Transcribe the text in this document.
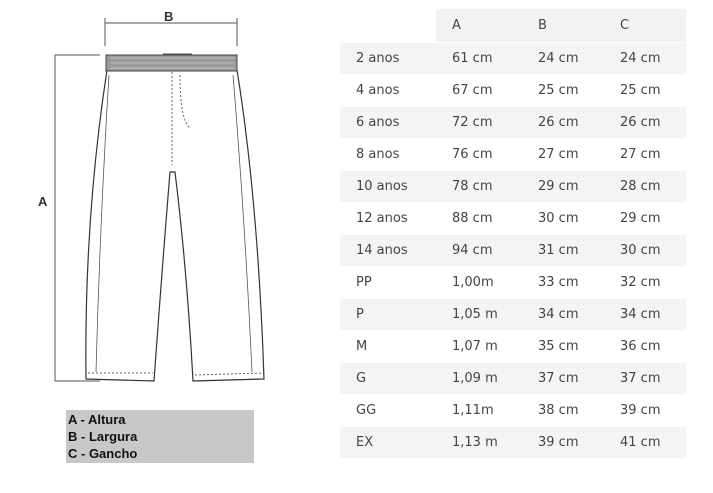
B
A
A - Altura
B - Largura
C - Gancho
	A	B	C
2 anos	61 cm	24 cm	24 cm
4 anos	67 cm	25 cm	25 cm
6 anos	72 cm	26 cm	26 cm
8 anos	76 cm	27 cm	27 cm
10 anos	78 cm	29 cm	28 cm
12 anos	88 cm	30 cm	29 cm
14 anos	94 cm	31 cm	30 cm
PP	1,00m	33 cm	32 cm
P	1,05 m	34 cm	34 cm
M	1,07 m	35 cm	36 cm
G	1,09 m	37 cm	37 cm
GG	1,11m	38 cm	39 cm
EX	1,13 m	39 cm	41 cm
